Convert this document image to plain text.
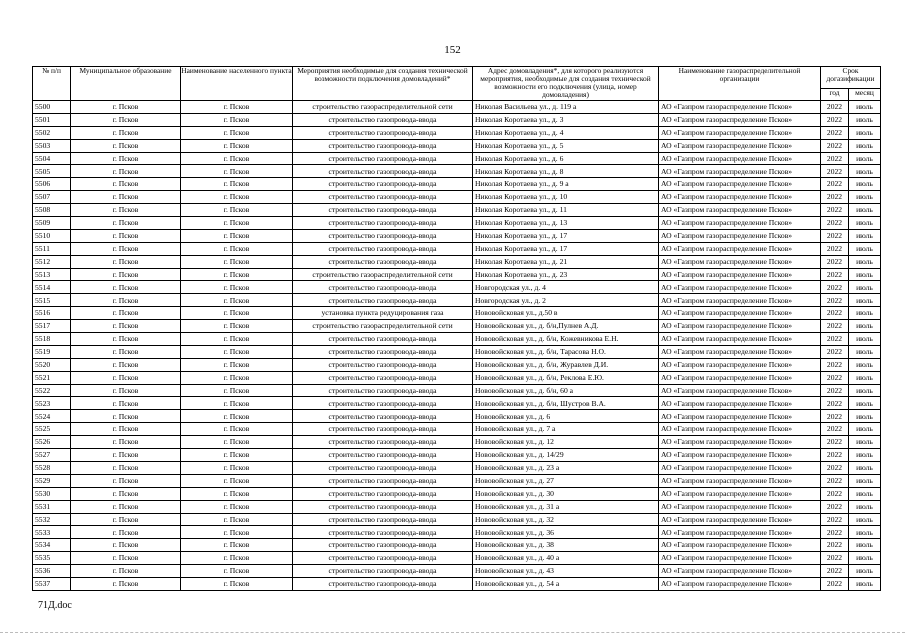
152
№ п/п	Муниципальное образование	Наименование населенного пункта	Мероприятия необходимые для создания технической возможности подключения домовладений*	Адрес домовладения*, для которого реализуются мероприятия, необходимые для создания технической возможности его подключения (улица, номер домовладения)	Наименование газораспределительной организации	Срок догазификации	
						год	месяц
5500	г. Псков	г. Псков	строительство газораспределительной сети	Николая Васильева ул., д. 119 а	АО «Газпром газораспределение Псков»	2022	июль
5501	г. Псков	г. Псков	строительство газопровода-ввода	Николая Коротаева ул., д. 3	АО «Газпром газораспределение Псков»	2022	июль
5502	г. Псков	г. Псков	строительство газопровода-ввода	Николая Коротаева ул., д. 4	АО «Газпром газораспределение Псков»	2022	июль
5503	г. Псков	г. Псков	строительство газопровода-ввода	Николая Коротаева ул., д. 5	АО «Газпром газораспределение Псков»	2022	июль
5504	г. Псков	г. Псков	строительство газопровода-ввода	Николая Коротаева ул., д. 6	АО «Газпром газораспределение Псков»	2022	июль
5505	г. Псков	г. Псков	строительство газопровода-ввода	Николая Коротаева ул., д. 8	АО «Газпром газораспределение Псков»	2022	июль
5506	г. Псков	г. Псков	строительство газопровода-ввода	Николая Коротаева ул., д. 9 а	АО «Газпром газораспределение Псков»	2022	июль
5507	г. Псков	г. Псков	строительство газопровода-ввода	Николая Коротаева ул., д. 10	АО «Газпром газораспределение Псков»	2022	июль
5508	г. Псков	г. Псков	строительство газопровода-ввода	Николая Коротаева ул., д. 11	АО «Газпром газораспределение Псков»	2022	июль
5509	г. Псков	г. Псков	строительство газопровода-ввода	Николая Коротаева ул., д. 13	АО «Газпром газораспределение Псков»	2022	июль
5510	г. Псков	г. Псков	строительство газопровода-ввода	Николая Коротаева ул., д. 17	АО «Газпром газораспределение Псков»	2022	июль
5511	г. Псков	г. Псков	строительство газопровода-ввода	Николая Коротаева ул., д. 17	АО «Газпром газораспределение Псков»	2022	июль
5512	г. Псков	г. Псков	строительство газопровода-ввода	Николая Коротаева ул., д. 21	АО «Газпром газораспределение Псков»	2022	июль
5513	г. Псков	г. Псков	строительство газораспределительной сети	Николая Коротаева ул., д. 23	АО «Газпром газораспределение Псков»	2022	июль
5514	г. Псков	г. Псков	строительство газопровода-ввода	Новгородская ул., д. 4	АО «Газпром газораспределение Псков»	2022	июль
5515	г. Псков	г. Псков	строительство газопровода-ввода	Новгородская ул., д. 2	АО «Газпром газораспределение Псков»	2022	июль
5516	г. Псков	г. Псков	установка пункта редуцирования газа	Нововойсковая ул., д.50 в	АО «Газпром газораспределение Псков»	2022	июль
5517	г. Псков	г. Псков	строительство газораспределительной сети	Нововойсковая ул., д. б/н,Пулнев А.Д.	АО «Газпром газораспределение Псков»	2022	июль
5518	г. Псков	г. Псков	строительство газопровода-ввода	Нововойсковая ул., д. б/н, Кожевникова Е.Н.	АО «Газпром газораспределение Псков»	2022	июль
5519	г. Псков	г. Псков	строительство газопровода-ввода	Нововойсковая ул., д. б/н, Тарасова Н.О.	АО «Газпром газораспределение Псков»	2022	июль
5520	г. Псков	г. Псков	строительство газопровода-ввода	Нововойсковая ул., д. б/н, Журавлев Д.И.	АО «Газпром газораспределение Псков»	2022	июль
5521	г. Псков	г. Псков	строительство газопровода-ввода	Нововойсковая ул., д. б/н, Реклова Е.Ю.	АО «Газпром газораспределение Псков»	2022	июль
5522	г. Псков	г. Псков	строительство газопровода-ввода	Нововойсковая ул., д. б/н, 60 а	АО «Газпром газораспределение Псков»	2022	июль
5523	г. Псков	г. Псков	строительство газопровода-ввода	Нововойсковая ул., д. б/н, Шустров В.А.	АО «Газпром газораспределение Псков»	2022	июль
5524	г. Псков	г. Псков	строительство газопровода-ввода	Нововойсковая ул., д. 6	АО «Газпром газораспределение Псков»	2022	июль
5525	г. Псков	г. Псков	строительство газопровода-ввода	Нововойсковая ул., д. 7 а	АО «Газпром газораспределение Псков»	2022	июль
5526	г. Псков	г. Псков	строительство газопровода-ввода	Нововойсковая ул., д. 12	АО «Газпром газораспределение Псков»	2022	июль
5527	г. Псков	г. Псков	строительство газопровода-ввода	Нововойсковая ул., д. 14/29	АО «Газпром газораспределение Псков»	2022	июль
5528	г. Псков	г. Псков	строительство газопровода-ввода	Нововойсковая ул., д. 23 а	АО «Газпром газораспределение Псков»	2022	июль
5529	г. Псков	г. Псков	строительство газопровода-ввода	Нововойсковая ул., д. 27	АО «Газпром газораспределение Псков»	2022	июль
5530	г. Псков	г. Псков	строительство газопровода-ввода	Нововойсковая ул., д. 30	АО «Газпром газораспределение Псков»	2022	июль
5531	г. Псков	г. Псков	строительство газопровода-ввода	Нововойсковая ул., д. 31 а	АО «Газпром газораспределение Псков»	2022	июль
5532	г. Псков	г. Псков	строительство газопровода-ввода	Нововойсковая ул., д. 32	АО «Газпром газораспределение Псков»	2022	июль
5533	г. Псков	г. Псков	строительство газопровода-ввода	Нововойсковая ул., д. 36	АО «Газпром газораспределение Псков»	2022	июль
5534	г. Псков	г. Псков	строительство газопровода-ввода	Нововойсковая ул., д. 38	АО «Газпром газораспределение Псков»	2022	июль
5535	г. Псков	г. Псков	строительство газопровода-ввода	Нововойсковая ул., д. 40 а	АО «Газпром газораспределение Псков»	2022	июль
5536	г. Псков	г. Псков	строительство газопровода-ввода	Нововойсковая ул., д. 43	АО «Газпром газораспределение Псков»	2022	июль
5537	г. Псков	г. Псков	строительство газопровода-ввода	Нововойсковая ул., д. 54 а	АО «Газпром газораспределение Псков»	2022	июль
71Д.doc
